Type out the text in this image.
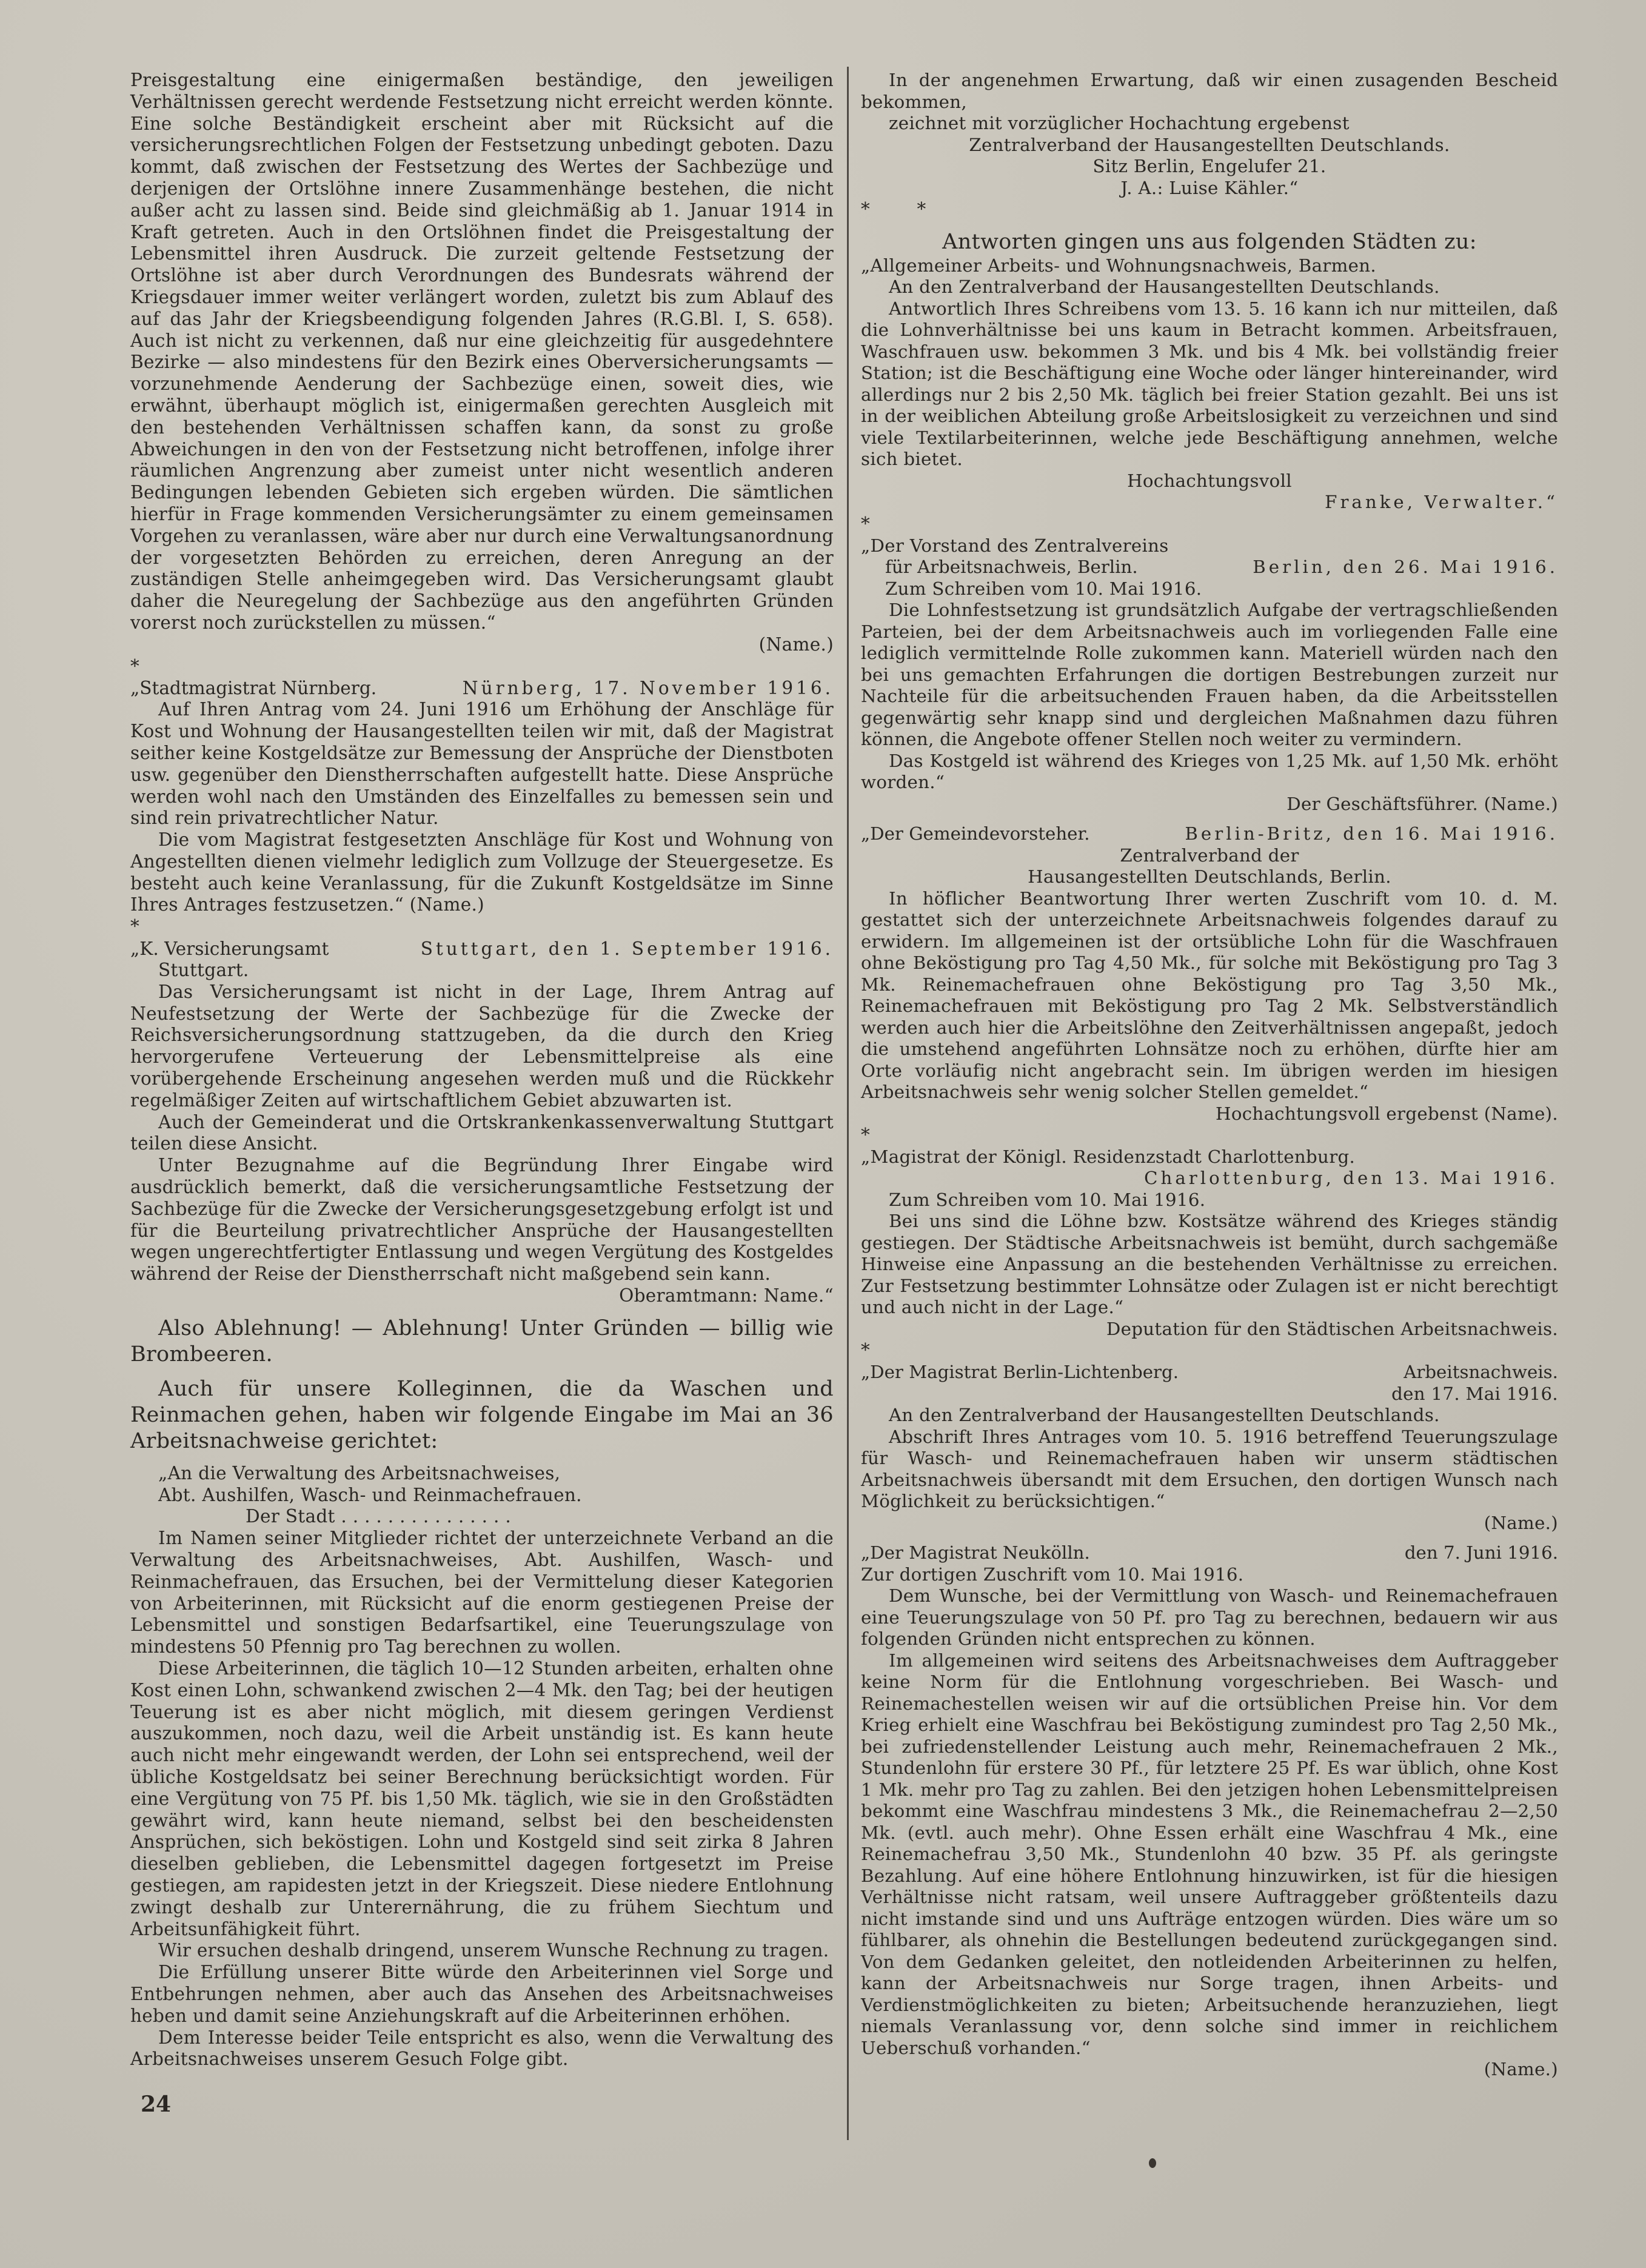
Preisgestaltung eine einigermaßen beständige, den jeweiligen Verhältnissen gerecht werdende Festsetzung nicht erreicht werden könnte. Eine solche Beständigkeit erscheint aber mit Rücksicht auf die versicherungsrechtlichen Folgen der Festsetzung unbedingt geboten. Dazu kommt, daß zwischen der Festsetzung des Wertes der Sachbezüge und derjenigen der Ortslöhne innere Zusammenhänge bestehen, die nicht außer acht zu lassen sind. Beide sind gleichmäßig ab 1. Januar 1914 in Kraft getreten. Auch in den Ortslöhnen findet die Preisgestaltung der Lebensmittel ihren Ausdruck. Die zurzeit geltende Festsetzung der Ortslöhne ist aber durch Verordnungen des Bundesrats während der Kriegsdauer immer weiter verlängert worden, zuletzt bis zum Ablauf des auf das Jahr der Kriegsbeendigung folgenden Jahres (R.G.Bl. I, S. 658). Auch ist nicht zu verkennen, daß nur eine gleichzeitig für ausgedehntere Bezirke — also mindestens für den Bezirk eines Oberversicherungsamts — vorzunehmende Aenderung der Sachbezüge einen, soweit dies, wie erwähnt, überhaupt möglich ist, einigermaßen gerechten Ausgleich mit den bestehenden Verhältnissen schaffen kann, da sonst zu große Abweichungen in den von der Festsetzung nicht betroffenen, infolge ihrer räumlichen Angrenzung aber zumeist unter nicht wesentlich anderen Bedingungen lebenden Gebieten sich ergeben würden. Die sämtlichen hierfür in Frage kommenden Versicherungsämter zu einem gemeinsamen Vorgehen zu veranlassen, wäre aber nur durch eine Verwaltungsanordnung der vorgesetzten Behörden zu erreichen, deren Anregung an der zuständigen Stelle anheimgegeben wird. Das Versicherungsamt glaubt daher die Neuregelung der Sachbezüge aus den angeführten Gründen vorerst noch zurückstellen zu müssen.“

(Name.)

*

„Stadtmagistrat Nürnberg.	Nürnberg, 17. November 1916.

Auf Ihren Antrag vom 24. Juni 1916 um Erhöhung der Anschläge für Kost und Wohnung der Hausangestellten teilen wir mit, daß der Magistrat seither keine Kostgeldsätze zur Bemessung der Ansprüche der Dienstboten usw. gegenüber den Dienstherrschaften aufgestellt hatte. Diese Ansprüche werden wohl nach den Umständen des Einzelfalles zu bemessen sein und sind rein privatrechtlicher Natur.

Die vom Magistrat festgesetzten Anschläge für Kost und Wohnung von Angestellten dienen vielmehr lediglich zum Vollzuge der Steuergesetze. Es besteht auch keine Veranlassung, für die Zukunft Kostgeldsätze im Sinne Ihres Antrages festzusetzen.“ (Name.)

*

„K. Versicherungsamt	Stuttgart, den 1. September 1916.

Stuttgart.

Das Versicherungsamt ist nicht in der Lage, Ihrem Antrag auf Neufestsetzung der Werte der Sachbezüge für die Zwecke der Reichsversicherungsordnung stattzugeben, da die durch den Krieg hervorgerufene Verteuerung der Lebensmittelpreise als eine vorübergehende Erscheinung angesehen werden muß und die Rückkehr regelmäßiger Zeiten auf wirtschaftlichem Gebiet abzuwarten ist.

Auch der Gemeinderat und die Ortskrankenkassenverwaltung Stuttgart teilen diese Ansicht.

Unter Bezugnahme auf die Begründung Ihrer Eingabe wird ausdrücklich bemerkt, daß die versicherungsamtliche Festsetzung der Sachbezüge für die Zwecke der Versicherungsgesetzgebung erfolgt ist und für die Beurteilung privatrechtlicher Ansprüche der Hausangestellten wegen ungerechtfertigter Entlassung und wegen Vergütung des Kostgeldes während der Reise der Dienstherrschaft nicht maßgebend sein kann.

Oberamtmann: Name.“

Also Ablehnung! — Ablehnung! Unter Gründen — billig wie Brombeeren.

Auch für unsere Kolleginnen, die da Waschen und Reinmachen gehen, haben wir folgende Eingabe im Mai an 36 Arbeitsnachweise gerichtet:

„An die Verwaltung des Arbeitsnachweises,

Abt. Aushilfen, Wasch- und Reinmachefrauen.

Der Stadt . . . . . . . . . . . . . . .

Im Namen seiner Mitglieder richtet der unterzeichnete Verband an die Verwaltung des Arbeitsnachweises, Abt. Aushilfen, Wasch- und Reinmachefrauen, das Ersuchen, bei der Vermittelung dieser Kategorien von Arbeiterinnen, mit Rücksicht auf die enorm gestiegenen Preise der Lebensmittel und sonstigen Bedarfsartikel, eine Teuerungszulage von mindestens 50 Pfennig pro Tag berechnen zu wollen.

Diese Arbeiterinnen, die täglich 10—12 Stunden arbeiten, erhalten ohne Kost einen Lohn, schwankend zwischen 2—4 Mk. den Tag; bei der heutigen Teuerung ist es aber nicht möglich, mit diesem geringen Verdienst auszukommen, noch dazu, weil die Arbeit unständig ist. Es kann heute auch nicht mehr eingewandt werden, der Lohn sei entsprechend, weil der übliche Kostgeldsatz bei seiner Berechnung berücksichtigt worden. Für eine Vergütung von 75 Pf. bis 1,50 Mk. täglich, wie sie in den Großstädten gewährt wird, kann heute niemand, selbst bei den bescheidensten Ansprüchen, sich beköstigen. Lohn und Kostgeld sind seit zirka 8 Jahren dieselben geblieben, die Lebensmittel dagegen fortgesetzt im Preise gestiegen, am rapidesten jetzt in der Kriegszeit. Diese niedere Entlohnung zwingt deshalb zur Unterernährung, die zu frühem Siechtum und Arbeitsunfähigkeit führt.

Wir ersuchen deshalb dringend, unserem Wunsche Rechnung zu tragen.

Die Erfüllung unserer Bitte würde den Arbeiterinnen viel Sorge und Entbehrungen nehmen, aber auch das Ansehen des Arbeitsnachweises heben und damit seine Anziehungskraft auf die Arbeiterinnen erhöhen.

Dem Interesse beider Teile entspricht es also, wenn die Verwaltung des Arbeitsnachweises unserem Gesuch Folge gibt.

In der angenehmen Erwartung, daß wir einen zusagenden Bescheid bekommen,

zeichnet mit vorzüglicher Hochachtung ergebenst

Zentralverband der Hausangestellten Deutschlands.

Sitz Berlin, Engelufer 21.

J. A.: Luise Kähler.“

*        *

Antworten gingen uns aus folgenden Städten zu:

„Allgemeiner Arbeits- und Wohnungsnachweis, Barmen.

An den Zentralverband der Hausangestellten Deutschlands.

Antwortlich Ihres Schreibens vom 13. 5. 16 kann ich nur mitteilen, daß die Lohnverhältnisse bei uns kaum in Betracht kommen. Arbeitsfrauen, Waschfrauen usw. bekommen 3 Mk. und bis 4 Mk. bei vollständig freier Station; ist die Beschäftigung eine Woche oder länger hintereinander, wird allerdings nur 2 bis 2,50 Mk. täglich bei freier Station gezahlt. Bei uns ist in der weiblichen Abteilung große Arbeitslosigkeit zu verzeichnen und sind viele Textilarbeiterinnen, welche jede Beschäftigung annehmen, welche sich bietet.

Hochachtungsvoll

Franke, Verwalter.“

*

„Der Vorstand des Zentralvereins

für Arbeitsnachweis, Berlin.	Berlin, den 26. Mai 1916.

Zum Schreiben vom 10. Mai 1916.

Die Lohnfestsetzung ist grundsätzlich Aufgabe der vertragschließenden Parteien, bei der dem Arbeitsnachweis auch im vorliegenden Falle eine lediglich vermittelnde Rolle zukommen kann. Materiell würden nach den bei uns gemachten Erfahrungen die dortigen Bestrebungen zurzeit nur Nachteile für die arbeitsuchenden Frauen haben, da die Arbeitsstellen gegenwärtig sehr knapp sind und dergleichen Maßnahmen dazu führen können, die Angebote offener Stellen noch weiter zu vermindern.

Das Kostgeld ist während des Krieges von 1,25 Mk. auf 1,50 Mk. erhöht worden.“

Der Geschäftsführer. (Name.)

„Der Gemeindevorsteher.	Berlin-Britz, den 16. Mai 1916.

Zentralverband der

Hausangestellten Deutschlands, Berlin.

In höflicher Beantwortung Ihrer werten Zuschrift vom 10. d. M. gestattet sich der unterzeichnete Arbeitsnachweis folgendes darauf zu erwidern. Im allgemeinen ist der ortsübliche Lohn für die Waschfrauen ohne Beköstigung pro Tag 4,50 Mk., für solche mit Beköstigung pro Tag 3 Mk. Reinemachefrauen ohne Beköstigung pro Tag 3,50 Mk., Reinemachefrauen mit Beköstigung pro Tag 2 Mk. Selbstverständlich werden auch hier die Arbeitslöhne den Zeitverhältnissen angepaßt, jedoch die umstehend angeführten Lohnsätze noch zu erhöhen, dürfte hier am Orte vorläufig nicht angebracht sein. Im übrigen werden im hiesigen Arbeitsnachweis sehr wenig solcher Stellen gemeldet.“

Hochachtungsvoll ergebenst (Name).

*

„Magistrat der Königl. Residenzstadt Charlottenburg.

Charlottenburg, den 13. Mai 1916.

Zum Schreiben vom 10. Mai 1916.

Bei uns sind die Löhne bzw. Kostsätze während des Krieges ständig gestiegen. Der Städtische Arbeitsnachweis ist bemüht, durch sachgemäße Hinweise eine Anpassung an die bestehenden Verhältnisse zu erreichen. Zur Festsetzung bestimmter Lohnsätze oder Zulagen ist er nicht berechtigt und auch nicht in der Lage.“

Deputation für den Städtischen Arbeitsnachweis.

*

„Der Magistrat Berlin-Lichtenberg.	Arbeitsnachweis.

den 17. Mai 1916.

An den Zentralverband der Hausangestellten Deutschlands.

Abschrift Ihres Antrages vom 10. 5. 1916 betreffend Teuerungszulage für Wasch- und Reinemachefrauen haben wir unserm städtischen Arbeitsnachweis übersandt mit dem Ersuchen, den dortigen Wunsch nach Möglichkeit zu berücksichtigen.“

(Name.)

„Der Magistrat Neukölln.	den 7. Juni 1916.

Zur dortigen Zuschrift vom 10. Mai 1916.

Dem Wunsche, bei der Vermittlung von Wasch- und Reinemachefrauen eine Teuerungszulage von 50 Pf. pro Tag zu berechnen, bedauern wir aus folgenden Gründen nicht entsprechen zu können.

Im allgemeinen wird seitens des Arbeitsnachweises dem Auftraggeber keine Norm für die Entlohnung vorgeschrieben. Bei Wasch- und Reinemachestellen weisen wir auf die ortsüblichen Preise hin. Vor dem Krieg erhielt eine Waschfrau bei Beköstigung zumindest pro Tag 2,50 Mk., bei zufriedenstellender Leistung auch mehr, Reinemachefrauen 2 Mk., Stundenlohn für erstere 30 Pf., für letztere 25 Pf. Es war üblich, ohne Kost 1 Mk. mehr pro Tag zu zahlen. Bei den jetzigen hohen Lebensmittelpreisen bekommt eine Waschfrau mindestens 3 Mk., die Reinemachefrau 2—2,50 Mk. (evtl. auch mehr). Ohne Essen erhält eine Waschfrau 4 Mk., eine Reinemachefrau 3,50 Mk., Stundenlohn 40 bzw. 35 Pf. als geringste Bezahlung. Auf eine höhere Entlohnung hinzuwirken, ist für die hiesigen Verhältnisse nicht ratsam, weil unsere Auftraggeber größtenteils dazu nicht imstande sind und uns Aufträge entzogen würden. Dies wäre um so fühlbarer, als ohnehin die Bestellungen bedeutend zurückgegangen sind. Von dem Gedanken geleitet, den notleidenden Arbeiterinnen zu helfen, kann der Arbeitsnachweis nur Sorge tragen, ihnen Arbeits- und Verdienstmöglichkeiten zu bieten; Arbeitsuchende heranzuziehen, liegt niemals Veranlassung vor, denn solche sind immer in reichlichem Ueberschuß vorhanden.“

(Name.)

24
